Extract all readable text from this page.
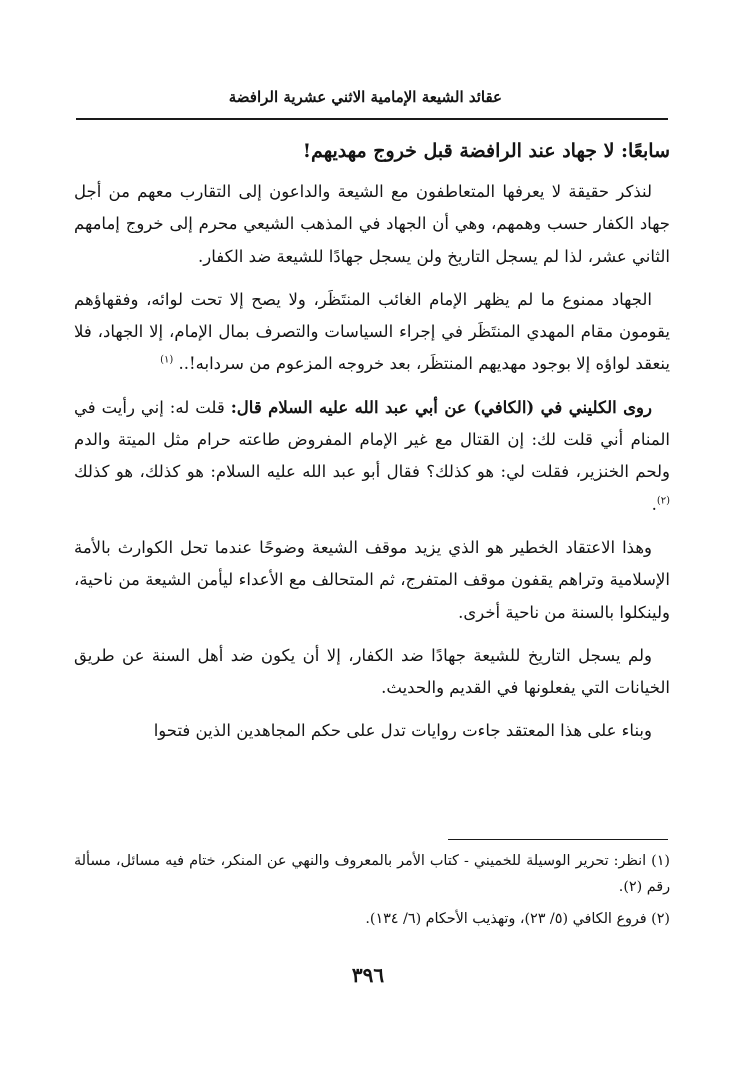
عقائد الشيعة الإمامية الاثني عشرية الرافضة
سابعًا: لا جهاد عند الرافضة قبل خروج مهديهم!

لنذكر حقيقة لا يعرفها المتعاطفون مع الشيعة والداعون إلى التقارب معهم من أجل جهاد الكفار حسب وهمهم، وهي أن الجهاد في المذهب الشيعي محرم إلى خروج إمامهم الثاني عشر، لذا لم يسجل التاريخ ولن يسجل جهادًا للشيعة ضد الكفار.

الجهاد ممنوع ما لم يظهر الإمام الغائب المنتَظَر، ولا يصح إلا تحت لوائه، وفقهاؤهم يقومون مقام المهدي المنتَظَر في إجراء السياسات والتصرف بمال الإمام، إلا الجهاد، فلا ينعقد لواؤه إلا بوجود مهديهم المنتظَر، بعد خروجه المزعوم من سردابه!.. $^{(١)}$

روى الكليني في (الكافي) عن أبي عبد الله عليه السلام قال: قلت له: إني رأيت في المنام أني قلت لك: إن القتال مع غير الإمام المفروض طاعته حرام مثل الميتة والدم ولحم الخنزير، فقلت لي: هو كذلك؟ فقال أبو عبد الله عليه السلام: هو كذلك، هو كذلك $^{(٢)}$.

وهذا الاعتقاد الخطير هو الذي يزيد موقف الشيعة وضوحًا عندما تحل الكوارث بالأمة الإسلامية وتراهم يقفون موقف المتفرج، ثم المتحالف مع الأعداء ليأمن الشيعة من ناحية، ولينكلوا بالسنة من ناحية أخرى.

ولم يسجل التاريخ للشيعة جهادًا ضد الكفار، إلا أن يكون ضد أهل السنة عن طريق الخيانات التي يفعلونها في القديم والحديث.

وبناء على هذا المعتقد جاءت روايات تدل على حكم المجاهدين الذين فتحوا

(١) انظر: تحرير الوسيلة للخميني - كتاب الأمر بالمعروف والنهي عن المنكر، ختام فيه مسائل، مسألة رقم (٢).

(٢) فروع الكافي (٥/ ٢٣)، وتهذيب الأحكام (٦/ ١٣٤).

٣٩٦
